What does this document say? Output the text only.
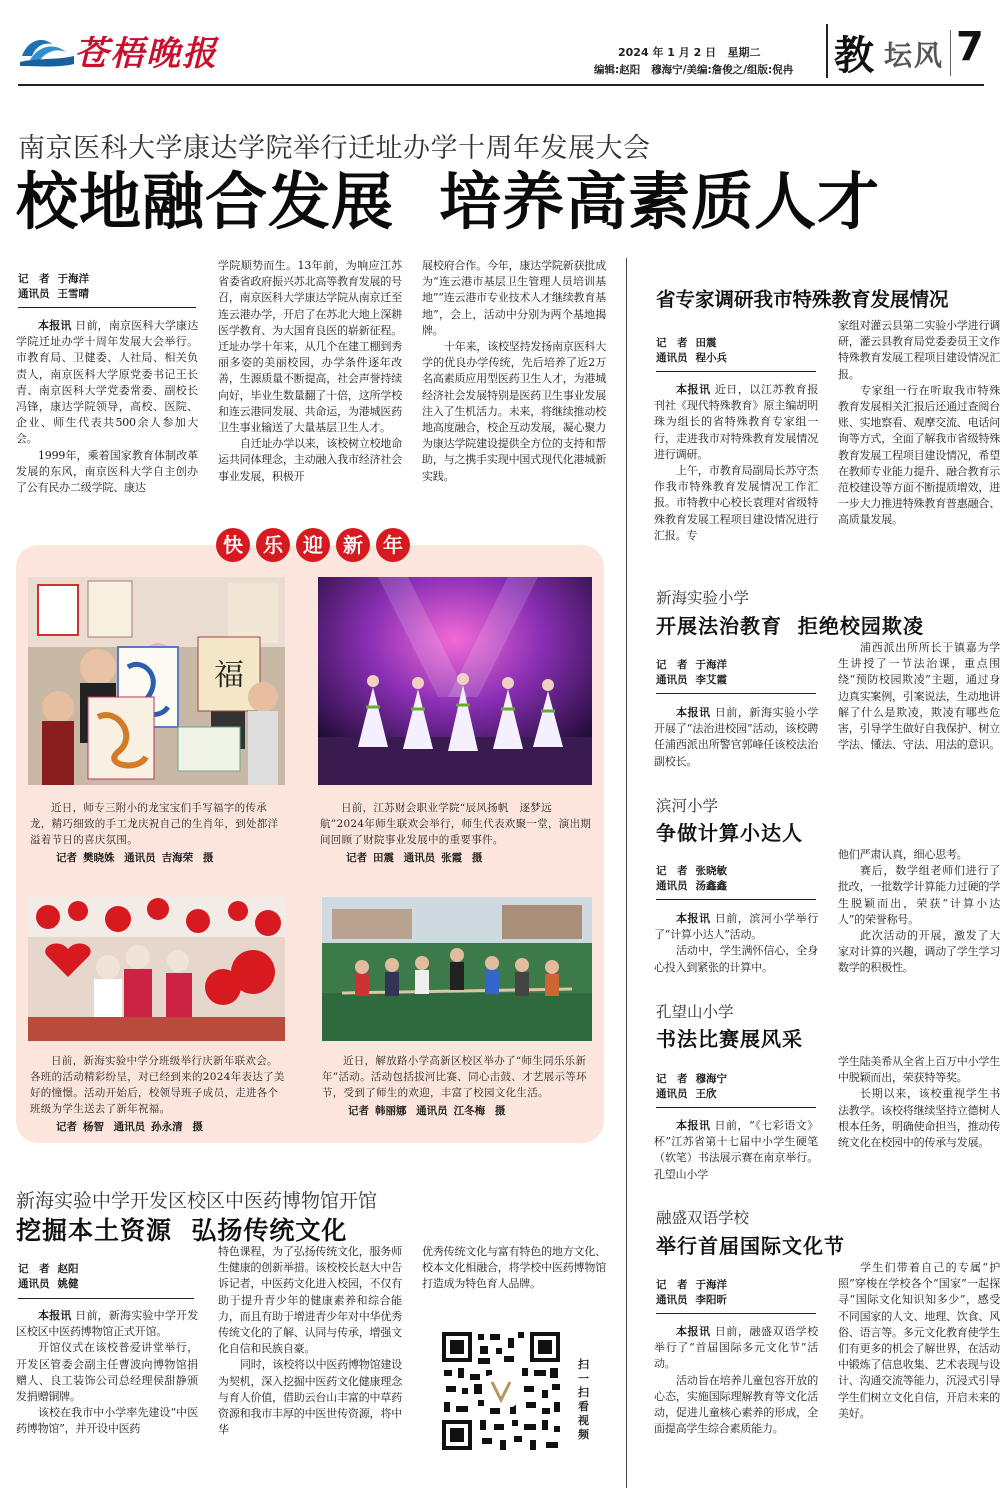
苍梧晚报	2024 年 1 月 2 日   星期二
编辑:赵阳   穆海宁/美编:詹俊之/组版:倪冉 教 坛风 7
南京医科大学康达学院举行迁址办学十周年发展大会
校地融合发展  培养高素质人才
记　者 于海洋
通讯员 王雪晴

本报讯 日前，南京医科大学康达学院迁址办学十周年发展大会举行。市教育局、卫健委、人社局、相关负责人，南京医科大学原党委书记王长青、南京医科大学党委常委、副校长冯锋，康达学院领导，高校、医院、企业、师生代表共500余人参加大会。

1999年，乘着国家教育体制改革发展的东风，南京医科大学自主创办了公有民办二级学院、康达

学院顺势而生。13年前，为响应江苏省委省政府振兴苏北高等教育发展的号召，南京医科大学康达学院从南京迁至连云港办学，开启了在苏北大地上深耕医学教育、为大国育良医的崭新征程。迁址办学十年来，从几个在建工棚到秀丽多姿的美丽校园，办学条件逐年改善，生源质量不断提高，社会声誉持续向好，毕业生数量翻了十倍，这所学校和连云港同发展、共命运，为港城医药卫生事业输送了大量基层卫生人才。

自迁址办学以来，该校树立校地命运共同体理念，主动融入我市经济社会事业发展，积极开

展校府合作。今年，康达学院新获批成为“连云港市基层卫生管理人员培训基地”“连云港市专业技术人才继续教育基地”，会上，活动中分别为两个基地揭牌。

十年来，该校坚持发扬南京医科大学的优良办学传统，先后培养了近2万名高素质应用型医药卫生人才，为港城经济社会发展特别是医药卫生事业发展注入了生机活力。未来，将继续推动校地高度融合，校企互动发展，凝心聚力为康达学院建设提供全方位的支持和帮助，与之携手实现中国式现代化港城新实践。

快	乐	迎	新	年
福

近日，师专三附小的龙宝宝们手写福字的传承龙，精巧细致的手工龙庆祝自己的生肖年，到处都洋溢着节日的喜庆氛围。

记者 樊晓姝 通讯员 吉海荣 摄

日前，江苏财会职业学院“辰风扬帆　逐梦远航”2024年师生联欢会举行，师生代表欢聚一堂，演出期间回顾了财院事业发展中的重要事件。

记者 田震 通讯员 张霞 摄

日前，新海实验中学分班级举行庆新年联欢会。各班的活动精彩纷呈，对已经到来的2024年表达了美好的憧憬。活动开始后，校领导班子成员，走进各个班级为学生送去了新年祝福。

记者 杨智 通讯员 孙永清 摄

近日，解放路小学高新区校区举办了“师生同乐乐新年”活动。活动包括拔河比赛、同心击鼓、才艺展示等环节，受到了师生的欢迎，丰富了校园文化生活。

记者 韩丽娜 通讯员 江冬梅 摄
新海实验中学开发区校区中医药博物馆开馆
挖掘本土资源  弘扬传统文化
记　者 赵阳
通讯员 姚健

本报讯 日前，新海实验中学开发区校区中医药博物馆正式开馆。

开馆仪式在该校普爱讲堂举行，开发区管委会副主任曹波向博物馆捐赠人、良工装饰公司总经理侯甜静颁发捐赠铜牌。

该校在我市中小学率先建设“中医药博物馆”，并开设中医药

特色课程，为了弘扬传统文化，服务师生健康的创新举措。该校校长赵大中告诉记者，中医药文化进入校园，不仅有助于提升青少年的健康素养和综合能力，而且有助于增进青少年对中华优秀传统文化的了解、认同与传承，增强文化自信和民族自豪。

同时，该校将以中医药博物馆建设为契机，深入挖掘中医药文化健康理念与育人价值，借助云台山丰富的中草药资源和我市丰厚的中医世传资源，将中华

优秀传统文化与富有特色的地方文化、校本文化相融合，将学校中医药博物馆打造成为特色育人品牌。

扫一扫看视频
省专家调研我市特殊教育发展情况
记　者 田震
通讯员 程小兵

本报讯 近日，以江苏教育报刊社《现代特殊教育》原主编胡明珠为组长的省特殊教育专家组一行，走进我市对特殊教育发展情况进行调研。

上午，市教育局副局长苏守杰作我市特殊教育发展情况工作汇报。市特教中心校长袁理对省级特殊教育发展工程项目建设情况进行汇报。专

家组对灌云县第二实验小学进行调研，灌云县教育局党委委员王文作特殊教育发展工程项目建设情况汇报。

专家组一行在听取我市特殊教育发展相关汇报后还通过查阅台账、实地察看、观摩交流、电话问询等方式，全面了解我市省级特殊教育发展工程项目建设情况，希望在教师专业能力提升、融合教育示范校建设等方面不断提质增效，进一步大力推进特殊教育普惠融合、高质量发展。

新海实验小学
开展法治教育  拒绝校园欺凌
记　者 于海洋
通讯员 李艾霞

本报讯 日前，新海实验小学开展了“法治进校园”活动，该校聘任浦西派出所警官郭峰任该校法治副校长。

浦西派出所所长于镇嘉为学生讲授了一节法治课，重点围绕“预防校园欺凌”主题，通过身边真实案例，引案说法，生动地讲解了什么是欺凌，欺凌有哪些危害，引导学生做好自我保护、树立学法、懂法、守法、用法的意识。

滨河小学
争做计算小达人
记　者 张晓敏
通讯员 汤鑫鑫

本报讯 日前，滨河小学举行了“计算小达人”活动。

活动中，学生满怀信心，全身心投入到紧张的计算中。

他们严肃认真，细心思考。

赛后，数学组老师们进行了批改，一批数学计算能力过硬的学生脱颖而出，荣获“计算小达人”的荣誉称号。

此次活动的开展，激发了大家对计算的兴趣，调动了学生学习数学的积极性。

孔望山小学
书法比赛展风采
记　者 穆海宁
通讯员 王欣

本报讯 日前，“《七彩语文》杯”江苏省第十七届中小学生硬笔（软笔）书法展示赛在南京举行。孔望山小学

学生陆美希从全省上百万中小学生中脱颖而出，荣获特等奖。

长期以来，该校重视学生书法教学。该校将继续坚持立德树人根本任务，明确使命担当，推动传统文化在校园中的传承与发展。

融盛双语学校
举行首届国际文化节
记　者 于海洋
通讯员 李阳昕

本报讯 日前，融盛双语学校举行了“首届国际多元文化节”活动。

活动旨在培养儿童包容开放的心态，实施国际理解教育等文化活动，促进儿童核心素养的形成，全面提高学生综合素质能力。

学生们带着自己的专属“护照”穿梭在学校各个“国家”一起探寻“国际文化知识知多少”，感受不同国家的人文、地理、饮食、风俗、语言等。多元文化教育使学生们有更多的机会了解世界，在活动中锻炼了信息收集、艺术表现与设计、沟通交流等能力，沉浸式引导学生们树立文化自信，开启未来的美好。
